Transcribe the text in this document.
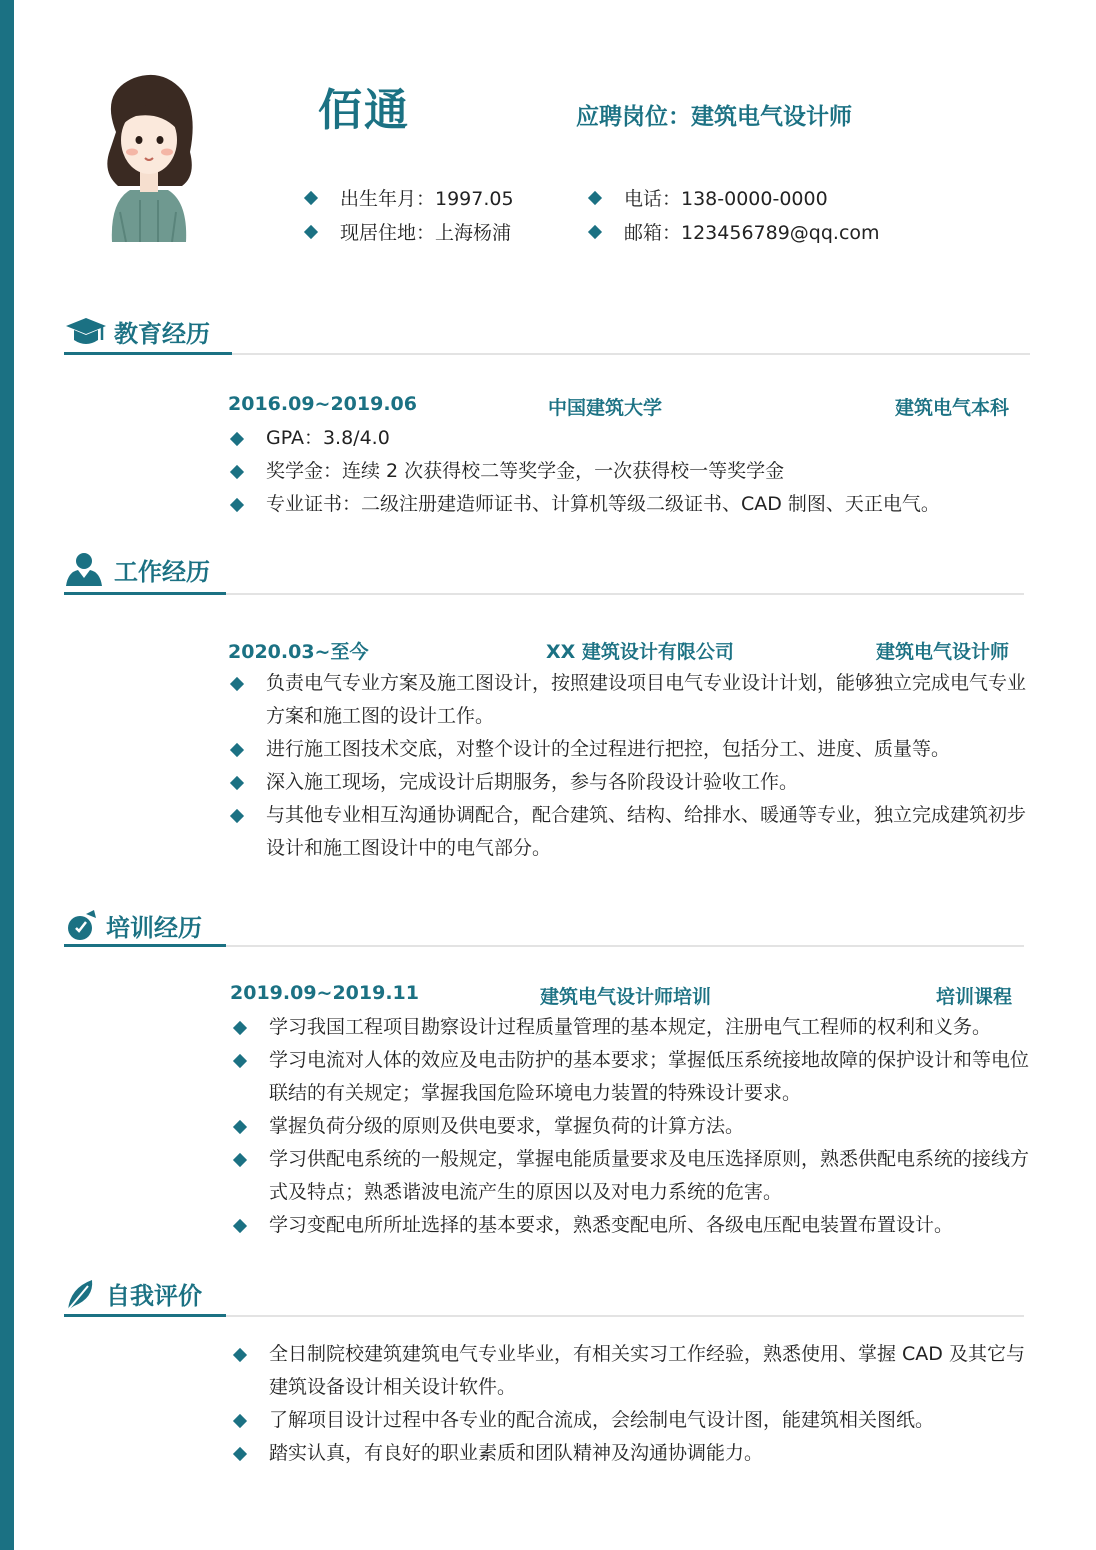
佰通	应聘岗位：建筑电气设计师
出生年月：1997.05
现居住地：上海杨浦
电话：138-0000-0000
邮箱：123456789@qq.com
教育经历
2016.09~2019.06	中国建筑大学	建筑电气本科
GPA：3.8/4.0
奖学金：连续 2 次获得校二等奖学金，一次获得校一等奖学金
专业证书：二级注册建造师证书、计算机等级二级证书、CAD 制图、天正电气。
工作经历
2020.03~至今	XX 建筑设计有限公司	建筑电气设计师
负责电气专业方案及施工图设计，按照建设项目电气专业设计计划，能够独立完成电气专业方案和施工图的设计工作。
进行施工图技术交底，对整个设计的全过程进行把控，包括分工、进度、质量等。
深入施工现场，完成设计后期服务，参与各阶段设计验收工作。
与其他专业相互沟通协调配合，配合建筑、结构、给排水、暖通等专业，独立完成建筑初步设计和施工图设计中的电气部分。
培训经历
2019.09~2019.11	建筑电气设计师培训	培训课程
学习我国工程项目勘察设计过程质量管理的基本规定，注册电气工程师的权利和义务。
学习电流对人体的效应及电击防护的基本要求；掌握低压系统接地故障的保护设计和等电位联结的有关规定；掌握我国危险环境电力装置的特殊设计要求。
掌握负荷分级的原则及供电要求，掌握负荷的计算方法。
学习供配电系统的一般规定，掌握电能质量要求及电压选择原则，熟悉供配电系统的接线方式及特点；熟悉谐波电流产生的原因以及对电力系统的危害。
学习变配电所所址选择的基本要求，熟悉变配电所、各级电压配电装置布置设计。
自我评价
全日制院校建筑建筑电气专业毕业，有相关实习工作经验，熟悉使用、掌握 CAD 及其它与建筑设备设计相关设计软件。
了解项目设计过程中各专业的配合流成，会绘制电气设计图，能建筑相关图纸。
踏实认真，有良好的职业素质和团队精神及沟通协调能力。
